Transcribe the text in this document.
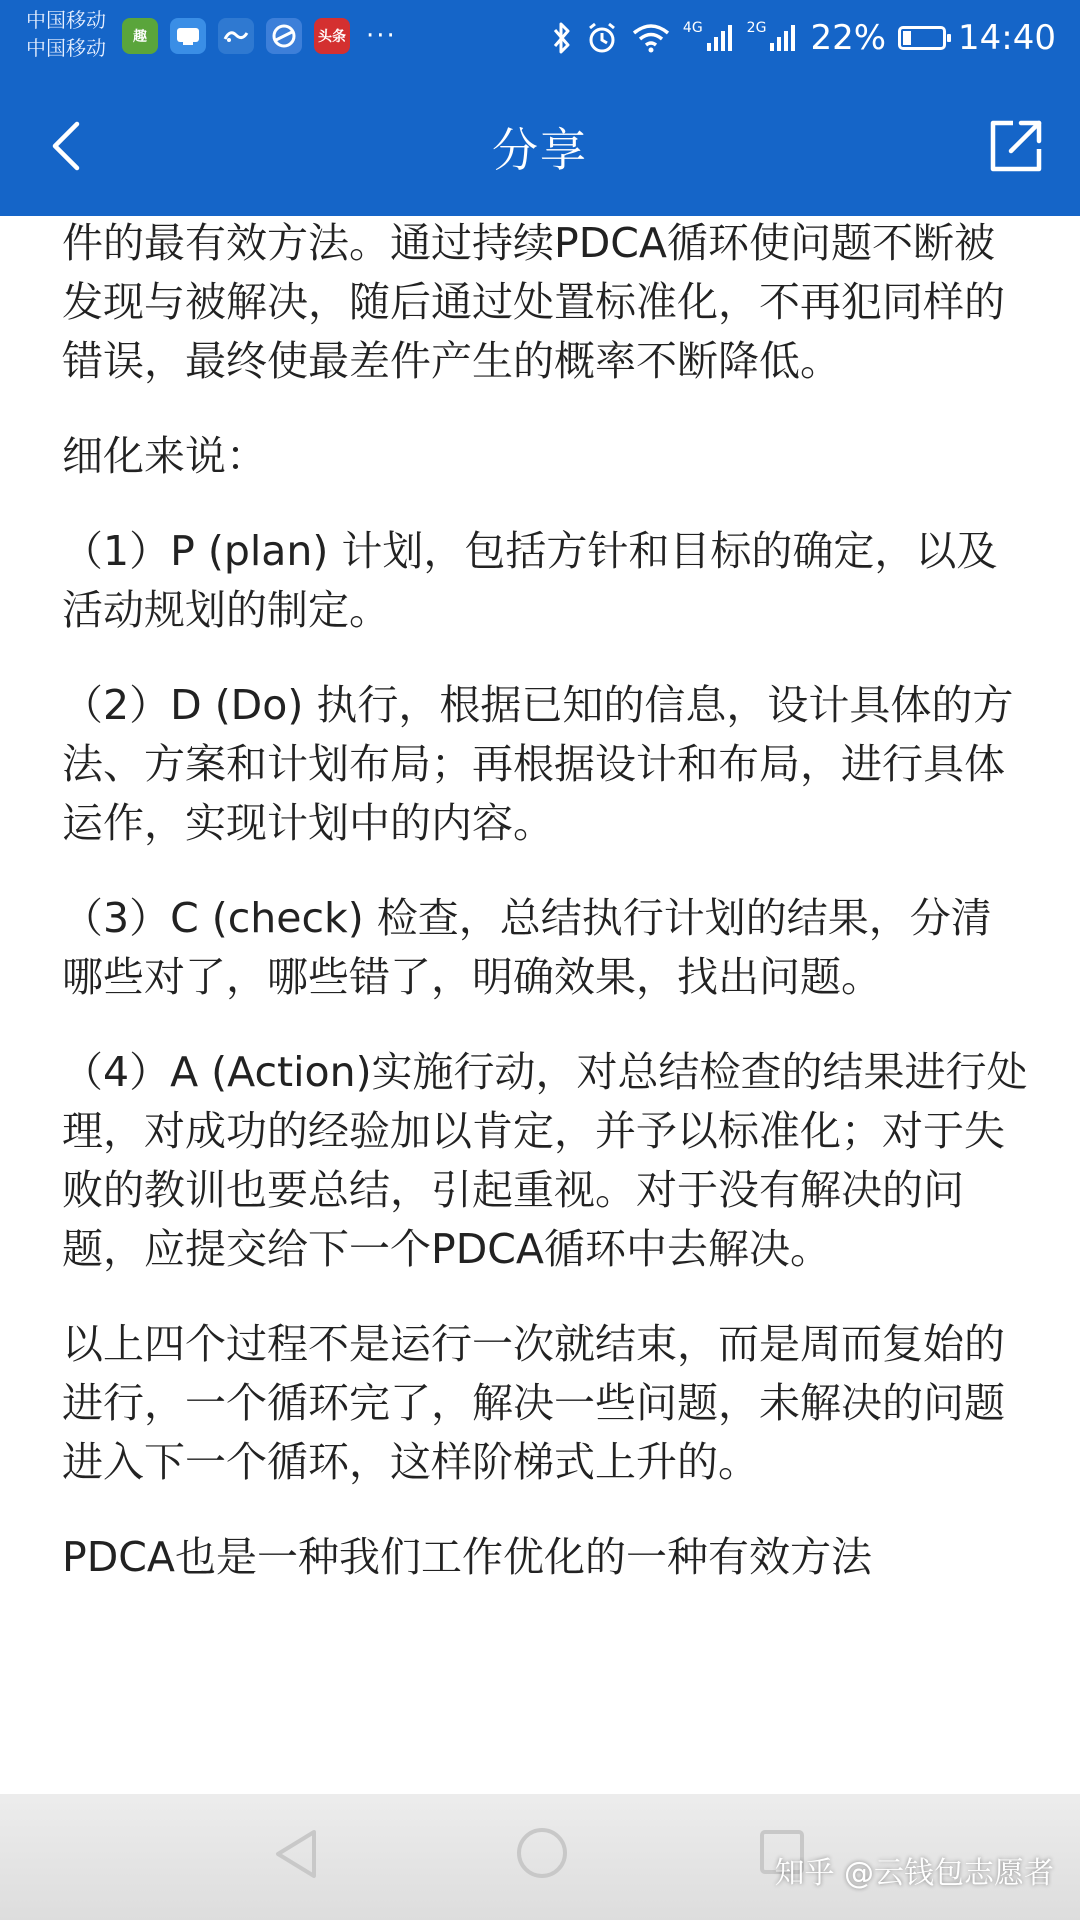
中国移动
中国移动	趣	头条 ···	4G	2G 22% 14:40
分享

件的最有效方法。通过持续PDCA循环使问题不断被发现与被解决，随后通过处置标准化，不再犯同样的错误，最终使最差件产生的概率不断降低。

细化来说：

（1）P (plan) 计划，包括方针和目标的确定，以及活动规划的制定。

（2）D (Do) 执行，根据已知的信息，设计具体的方法、方案和计划布局；再根据设计和布局，进行具体运作，实现计划中的内容。

（3）C (check) 检查，总结执行计划的结果，分清哪些对了，哪些错了，明确效果，找出问题。

（4）A (Action)实施行动，对总结检查的结果进行处理，对成功的经验加以肯定，并予以标准化；对于失败的教训也要总结，引起重视。对于没有解决的问题，应提交给下一个PDCA循环中去解决。

以上四个过程不是运行一次就结束，而是周而复始的进行，一个循环完了，解决一些问题，未解决的问题进入下一个循环，这样阶梯式上升的。

PDCA也是一种我们工作优化的一种有效方法

知乎 @云钱包志愿者
